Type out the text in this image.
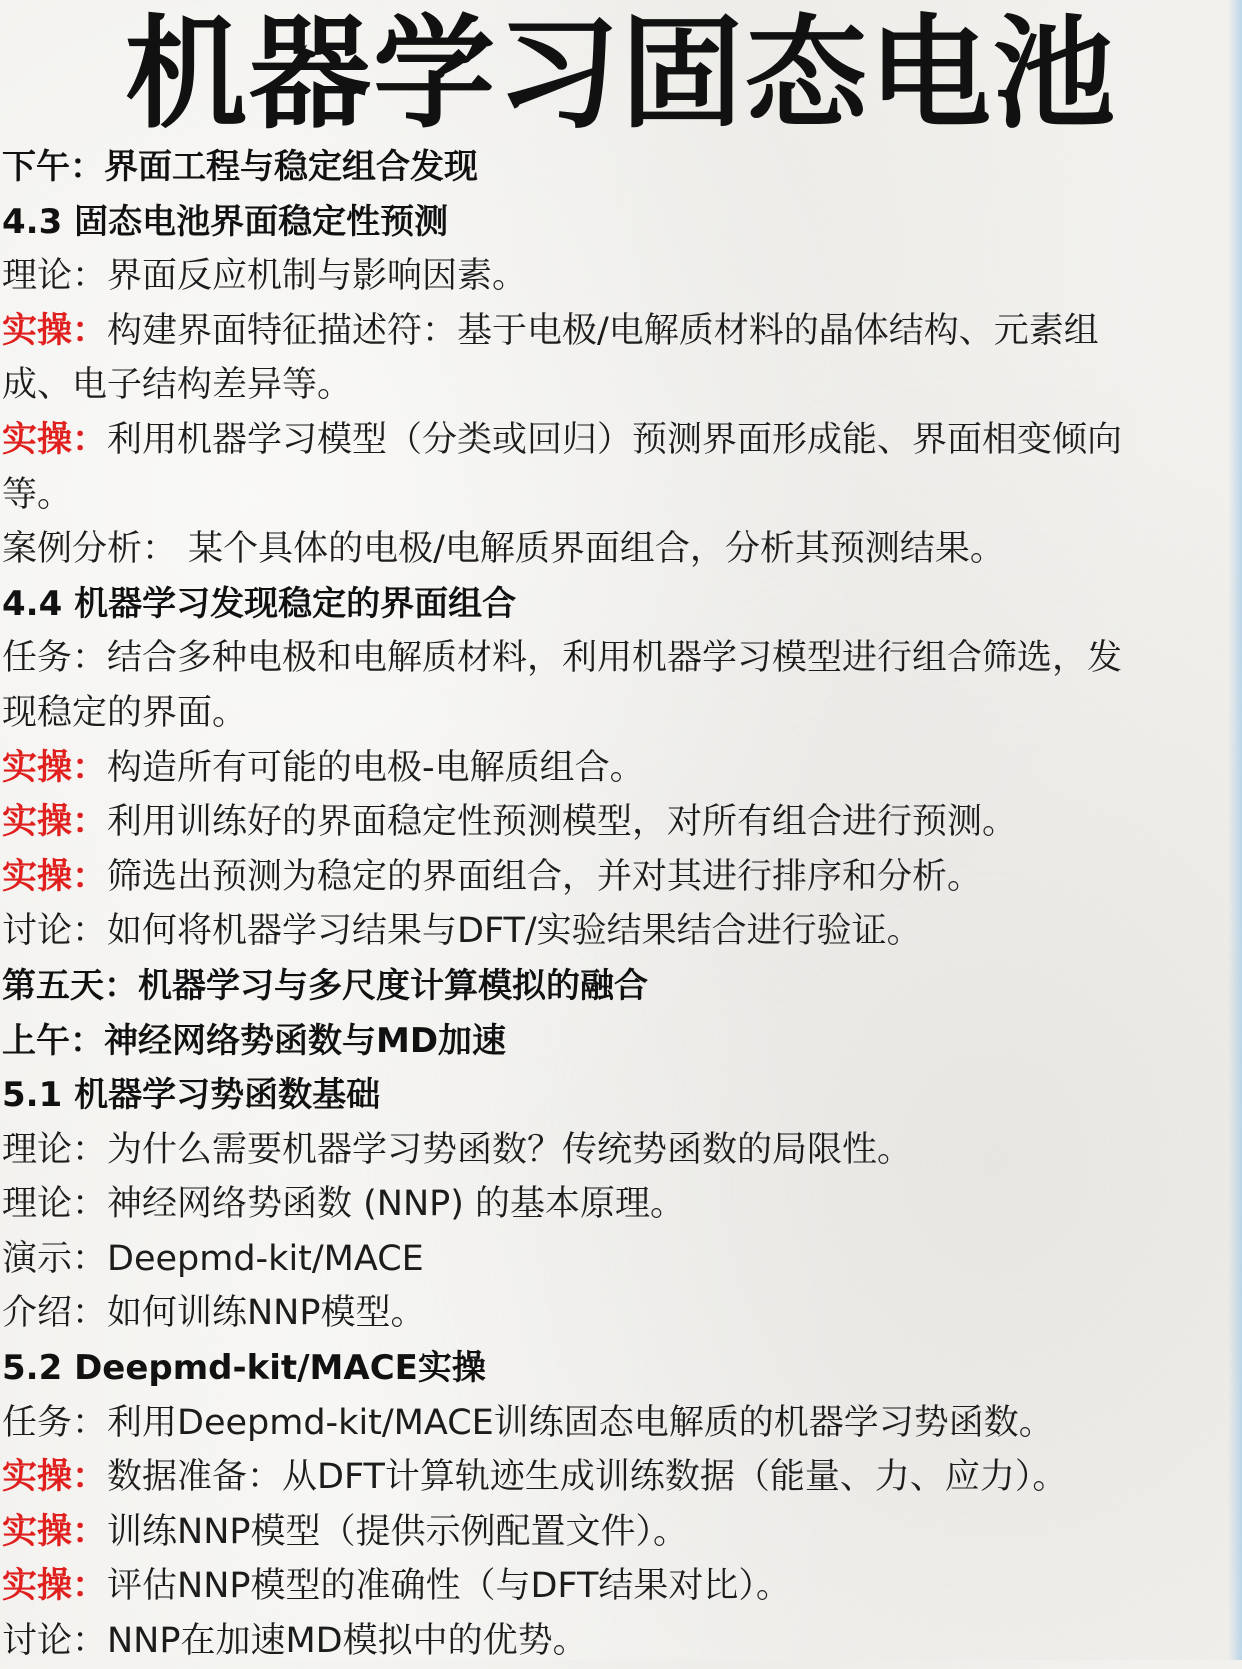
机器学习固态电池
下午：界面工程与稳定组合发现
4.3 固态电池界面稳定性预测
理论：界面反应机制与影响因素。
实操：构建界面特征描述符：基于电极/电解质材料的晶体结构、元素组
成、电子结构差异等。
实操：利用机器学习模型（分类或回归）预测界面形成能、界面相变倾向
等。
案例分析： 某个具体的电极/电解质界面组合，分析其预测结果。
4.4 机器学习发现稳定的界面组合
任务：结合多种电极和电解质材料，利用机器学习模型进行组合筛选，发
现稳定的界面。
实操：构造所有可能的电极-电解质组合。
实操：利用训练好的界面稳定性预测模型，对所有组合进行预测。
实操：筛选出预测为稳定的界面组合，并对其进行排序和分析。
讨论：如何将机器学习结果与DFT/实验结果结合进行验证。
第五天：机器学习与多尺度计算模拟的融合
上午：神经网络势函数与MD加速
5.1 机器学习势函数基础
理论：为什么需要机器学习势函数？传统势函数的局限性。
理论：神经网络势函数 (NNP) 的基本原理。
演示：Deepmd-kit/MACE
介绍：如何训练NNP模型。
5.2 Deepmd-kit/MACE实操
任务：利用Deepmd-kit/MACE训练固态电解质的机器学习势函数。
实操：数据准备：从DFT计算轨迹生成训练数据（能量、力、应力）。
实操：训练NNP模型（提供示例配置文件）。
实操：评估NNP模型的准确性（与DFT结果对比）。
讨论：NNP在加速MD模拟中的优势。
